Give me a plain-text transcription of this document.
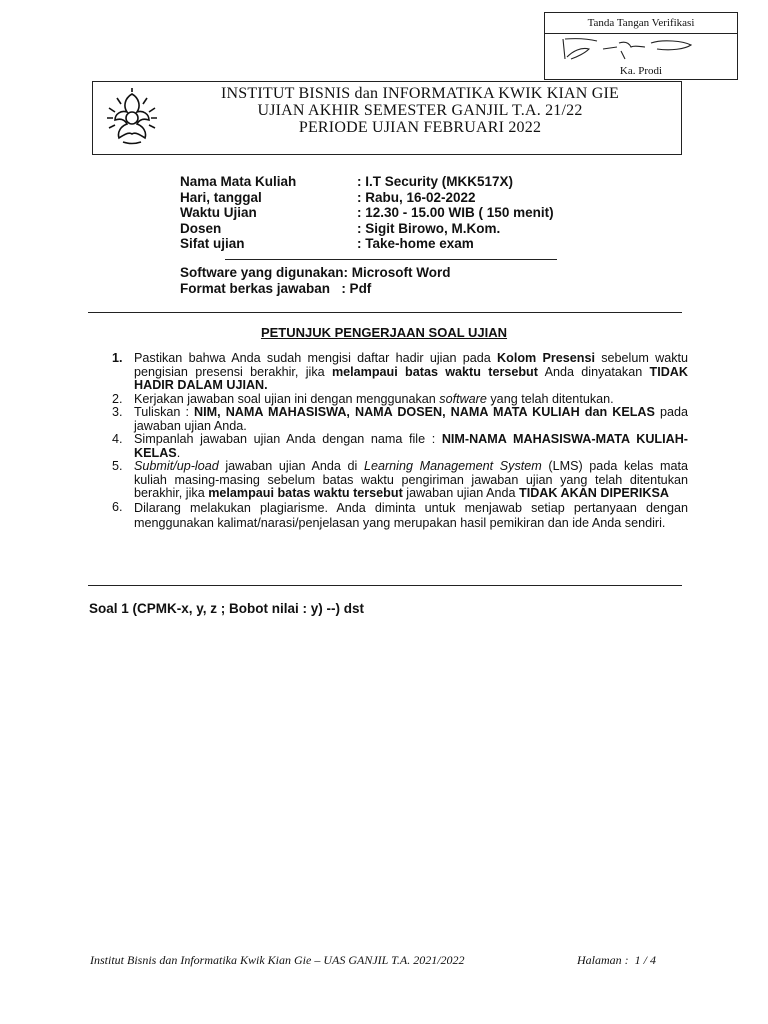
Tanda Tangan Verifikasi
Ka. Prodi
INSTITUT BISNIS dan INFORMATIKA KWIK KIAN GIE
UJIAN AKHIR SEMESTER GANJIL T.A. 21/22
PERIODE UJIAN FEBRUARI 2022
Nama Mata Kuliah	: I.T Security (MKK517X)
Hari, tanggal	: Rabu, 16-02-2022
Waktu Ujian	: 12.30 - 15.00 WIB ( 150 menit)
Dosen	: Sigit Birowo, M.Kom.
Sifat ujian	: Take-home exam
Software yang digunakan: Microsoft Word
Format berkas jawaban   : Pdf
PETUNJUK PENGERJAAN SOAL UJIAN
1. Pastikan bahwa Anda sudah mengisi daftar hadir ujian pada Kolom Presensi sebelum waktu pengisian presensi berakhir, jika melampaui batas waktu tersebut Anda dinyatakan TIDAK HADIR DALAM UJIAN.
2. Kerjakan jawaban soal ujian ini dengan menggunakan software yang telah ditentukan.
3. Tuliskan : NIM, NAMA MAHASISWA, NAMA DOSEN, NAMA MATA KULIAH dan KELAS pada jawaban ujian Anda.
4. Simpanlah jawaban ujian Anda dengan nama file : NIM-NAMA MAHASISWA-MATA KULIAH-KELAS.
5. Submit/up-load jawaban ujian Anda di Learning Management System (LMS) pada kelas mata kuliah masing-masing sebelum batas waktu pengiriman jawaban ujian yang telah ditentukan berakhir, jika melampaui batas waktu tersebut jawaban ujian Anda TIDAK AKAN DIPERIKSA
6. Dilarang melakukan plagiarisme. Anda diminta untuk menjawab setiap pertanyaan dengan menggunakan kalimat/narasi/penjelasan yang merupakan hasil pemikiran dan ide Anda sendiri.
Soal 1 (CPMK-x, y, z ; Bobot nilai : y) --) dst
Institut Bisnis dan Informatika Kwik Kian Gie – UAS GANJIL T.A. 2021/2022	Halaman :  1 / 4
